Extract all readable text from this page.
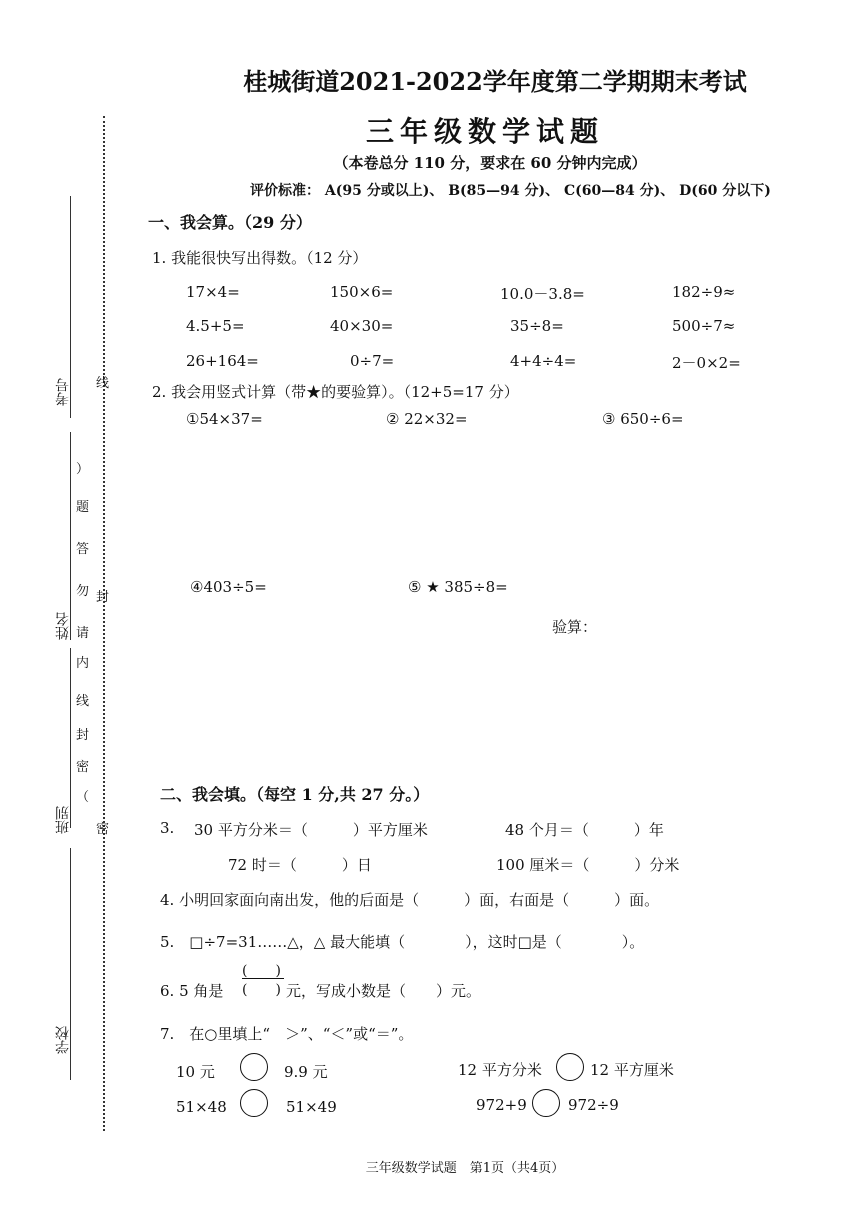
考号
姓名
班别
学校
线
封
密
）
题
答
勿
请
内
线
封
密
（
桂城街道2021-2022学年度第二学期期末考试
三年级数学试题
（本卷总分 110 分，要求在 60 分钟内完成）
评价标准： A(95 分或以上)、 B(85—94 分)、 C(60—84 分)、 D(60 分以下)
一、我会算。（29 分）
1. 我能很快写出得数。（12 分）
17×4=	150×6=	10.0－3.8=	182÷9≈
4.5+5=	40×30=	35÷8=	500÷7≈
26+164=	0÷7=	4+4÷4=	2－0×2=
2. 我会用竖式计算（带★的要验算）。（12+5=17 分）
①54×37=	② 22×32=	③ 650÷6=
④403÷5=	⑤ ★ 385÷8=
验算：
二、我会填。（每空 1 分,共 27 分。）
3. 30 平方分米＝（　　　）平方厘米	48 个月＝（　　　）年
72 时＝（　　　）日	100 厘米＝（　　　）分米
4. 小明回家面向南出发，他的后面是（　　　）面，右面是（　　　）面。
5.　□÷7=31……△，△ 最大能填（　　　　），这时□是（　　　　）。
6. 5 角是
(　　)
(　　) 元，写成小数是（　　）元。
7.　在○里填上“　＞”、“＜”或“＝”。
10 元	9.9 元	12 平方分米	12 平方厘米
51×48	51×49	972+9	972÷9
三年级数学试题　第1页（共4页）
